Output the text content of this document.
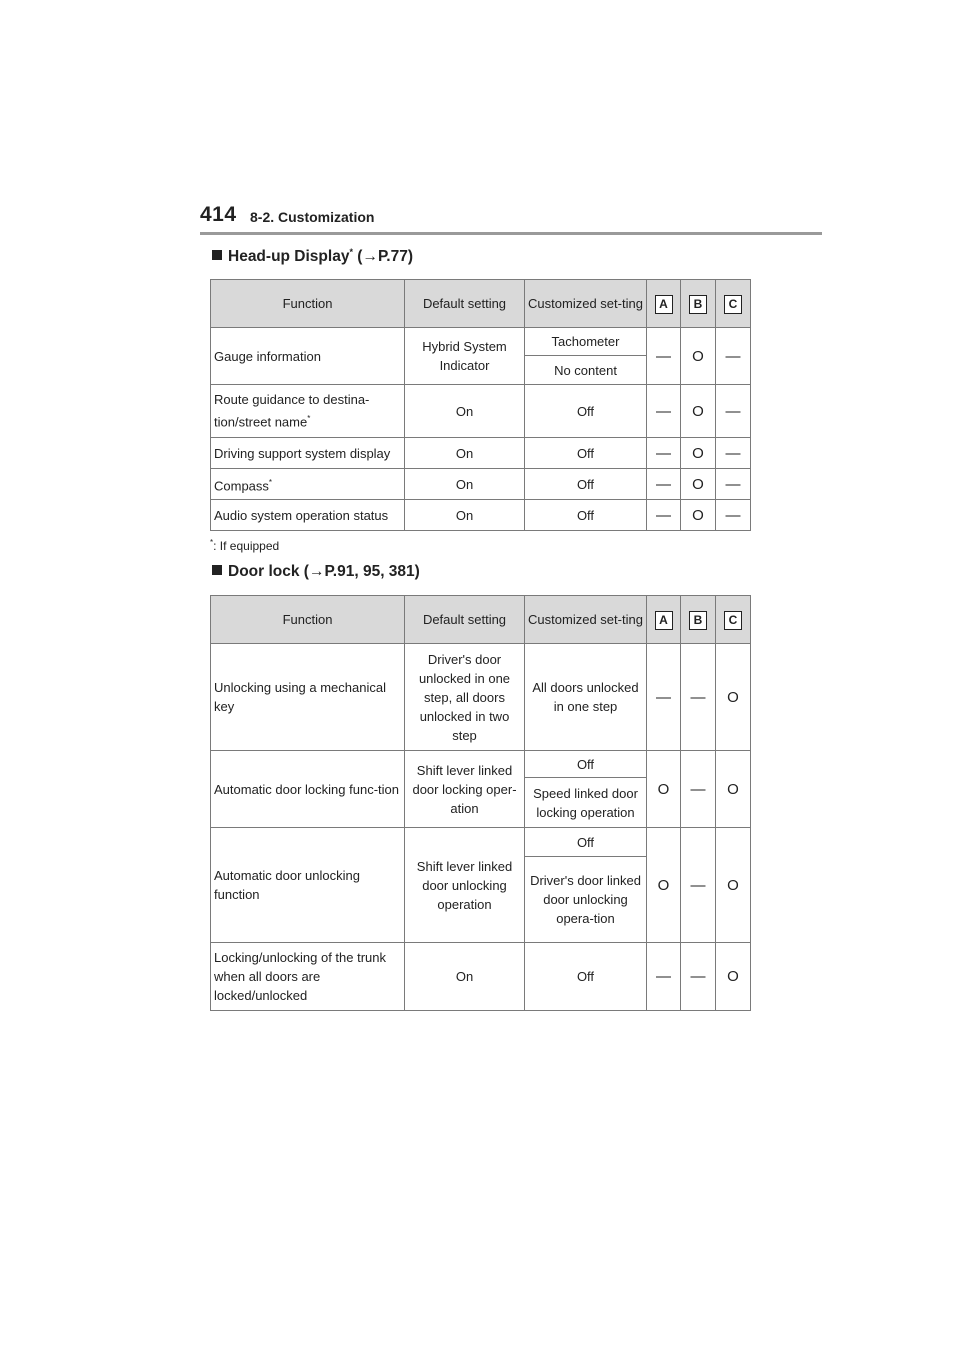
414 8-2. Customization
Head-up Display* (→P.77)
Function	Default setting	Customized set-ting	A	B	C
Gauge information	Hybrid System Indicator	Tachometer	—	O	—
		No content			
Route guidance to destina-tion/street name*	On	Off	—	O	—
Driving support system display	On	Off	—	O	—
Compass*	On	Off	—	O	—
Audio system operation status	On	Off	—	O	—
*: If equipped
Door lock (→P.91, 95, 381)
Function	Default setting	Customized set-ting	A	B	C
Unlocking using a mechanical key	Driver's door unlocked in one step, all doors unlocked in two step	All doors unlocked in one step	—	—	O
Automatic door locking func-tion	Shift lever linked door locking oper-ation	Off	O	—	O
		Speed linked door locking operation			
Automatic door unlocking function	Shift lever linked door unlocking operation	Off	O	—	O
		Driver's door linked door unlocking opera-tion			
Locking/unlocking of the trunk when all doors are locked/unlocked	On	Off	—	—	O
